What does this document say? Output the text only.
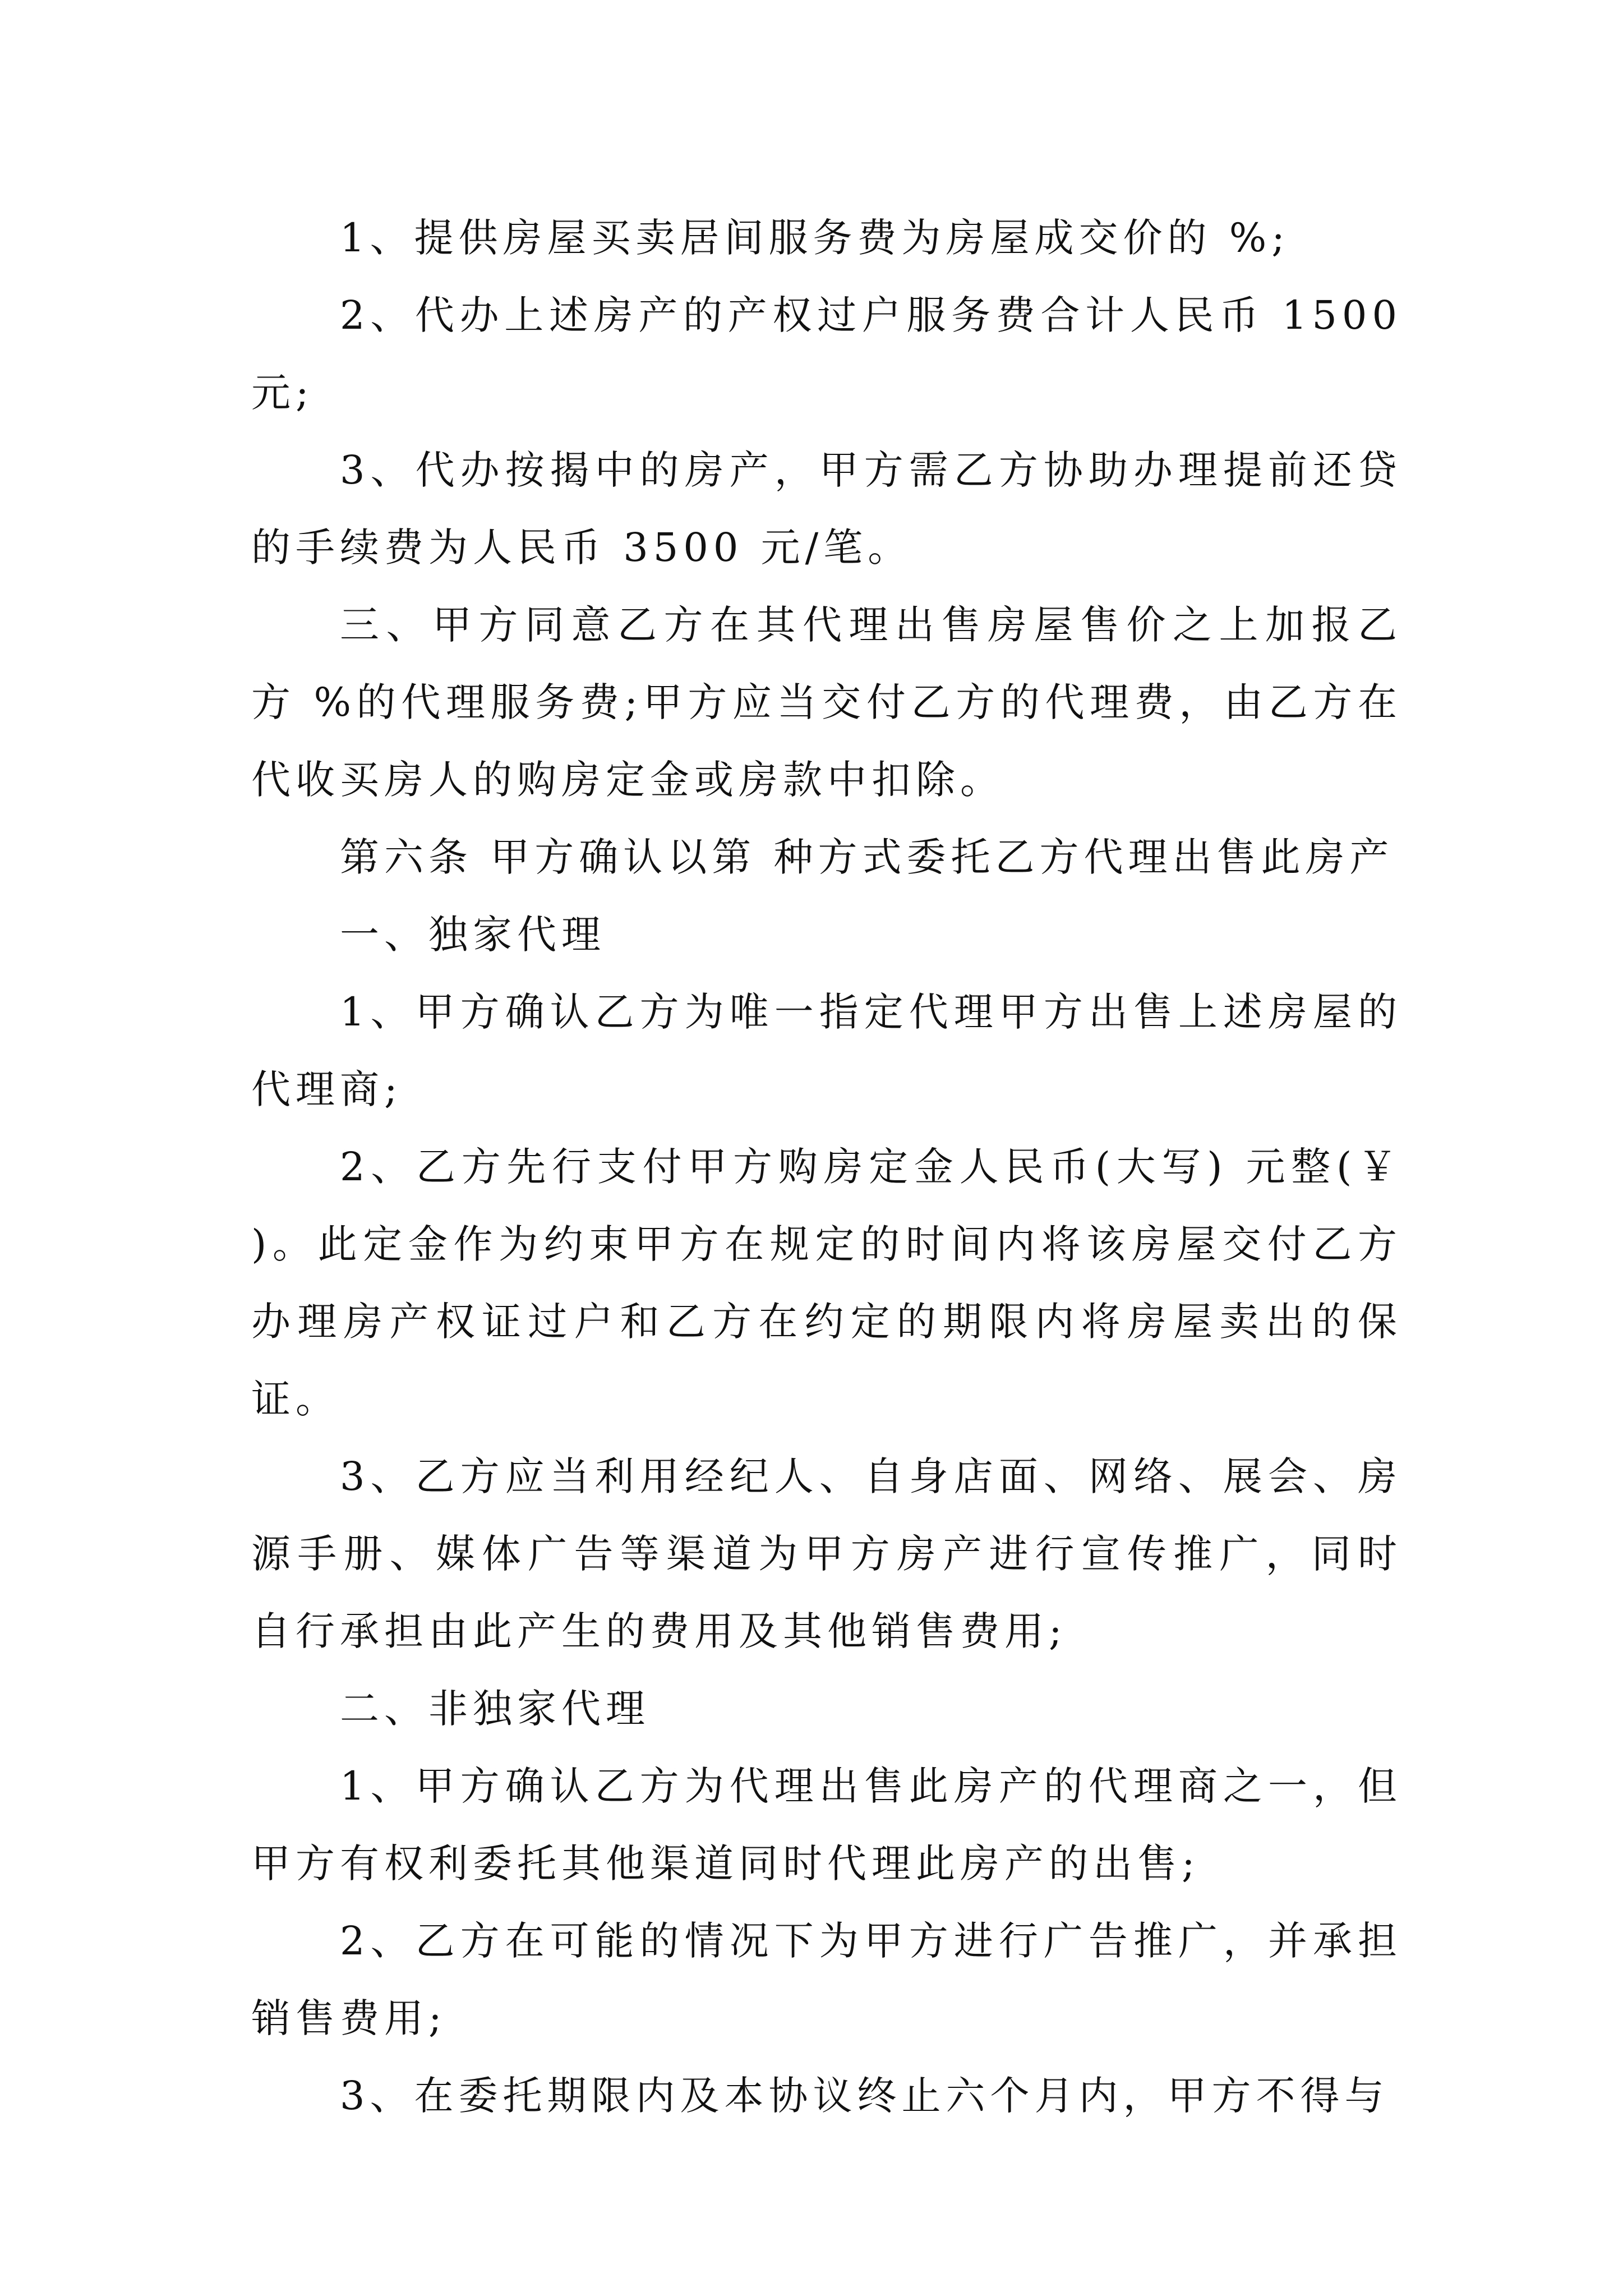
1、提供房屋买卖居间服务费为房屋成交价的 %;

2、代办上述房产的产权过户服务费合计人民币 1500 元;

3、代办按揭中的房产，甲方需乙方协助办理提前还贷的手续费为人民币 3500 元/笔。

三、甲方同意乙方在其代理出售房屋售价之上加报乙方 %的代理服务费;甲方应当交付乙方的代理费，由乙方在代收买房人的购房定金或房款中扣除。

第六条 甲方确认以第 种方式委托乙方代理出售此房产

一、独家代理

1、甲方确认乙方为唯一指定代理甲方出售上述房屋的代理商;

2、乙方先行支付甲方购房定金人民币(大写) 元整(￥ )。此定金作为约束甲方在规定的时间内将该房屋交付乙方办理房产权证过户和乙方在约定的期限内将房屋卖出的保证。

3、乙方应当利用经纪人、自身店面、网络、展会、房源手册、媒体广告等渠道为甲方房产进行宣传推广，同时自行承担由此产生的费用及其他销售费用;

二、非独家代理

1、甲方确认乙方为代理出售此房产的代理商之一，但甲方有权利委托其他渠道同时代理此房产的出售;

2、乙方在可能的情况下为甲方进行广告推广，并承担销售费用;

3、在委托期限内及本协议终止六个月内，甲方不得与
